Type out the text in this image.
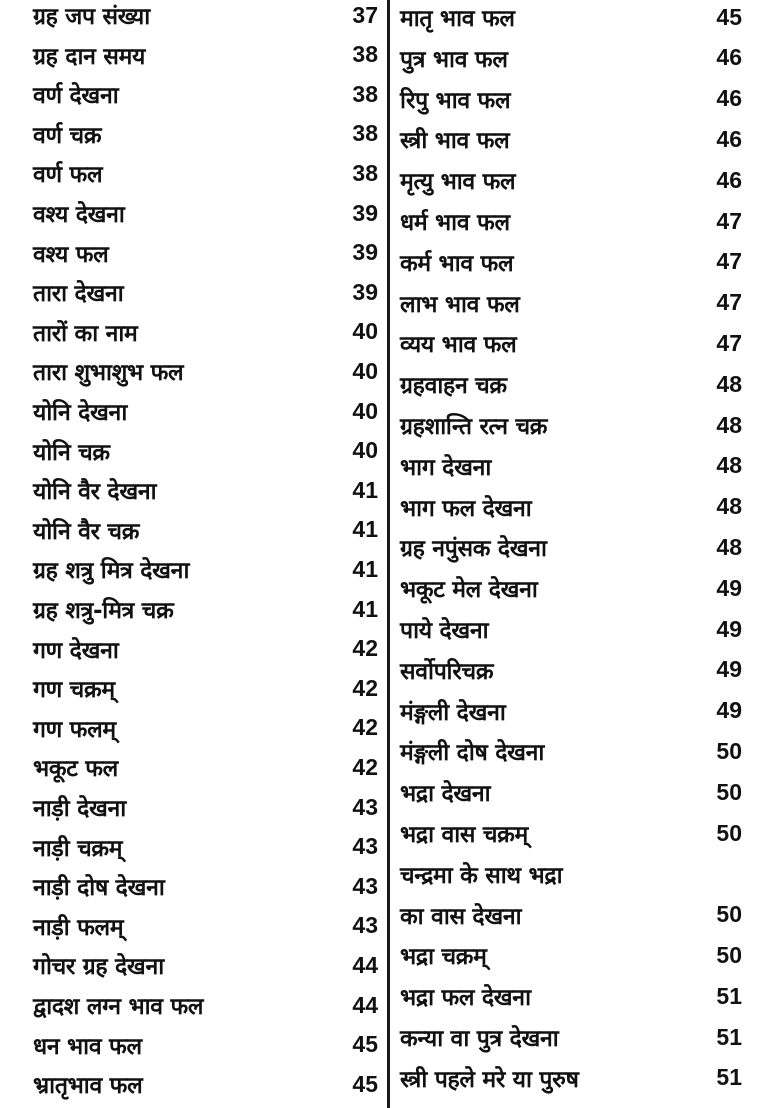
ग्रह जप संख्या	37
ग्रह दान समय	38
वर्ण देखना	38
वर्ण चक्र	38
वर्ण फल	38
वश्य देखना	39
वश्य फल	39
तारा देखना	39
तारों का नाम	40
तारा शुभाशुभ फल	40
योनि देखना	40
योनि चक्र	40
योनि वैर देखना	41
योनि वैर चक्र	41
ग्रह शत्रु मित्र देखना	41
ग्रह शत्रु-मित्र चक्र	41
गण देखना	42
गण चक्रम्	42
गण फलम्	42
भकूट फल	42
नाड़ी देखना	43
नाड़ी चक्रम्	43
नाड़ी दोष देखना	43
नाड़ी फलम्	43
गोचर ग्रह देखना	44
द्वादश लग्न भाव फल	44
धन भाव फल	45
भ्रातृभाव फल	45
मातृ भाव फल	45
पुत्र भाव फल	46
रिपु भाव फल	46
स्त्री भाव फल	46
मृत्यु भाव फल	46
धर्म भाव फल	47
कर्म भाव फल	47
लाभ भाव फल	47
व्यय भाव फल	47
ग्रहवाहन चक्र	48
ग्रहशान्ति रत्न चक्र	48
भाग देखना	48
भाग फल देखना	48
ग्रह नपुंसक देखना	48
भकूट मेल देखना	49
पाये देखना	49
सर्वोपरिचक्र	49
मंङ्गली देखना	49
मंङ्गली दोष देखना	50
भद्रा देखना	50
भद्रा वास चक्रम्	50
चन्द्रमा के साथ भद्रा
का वास देखना	50
भद्रा चक्रम्	50
भद्रा फल देखना	51
कन्या वा पुत्र देखना	51
स्त्री पहले मरे या पुरुष	51
